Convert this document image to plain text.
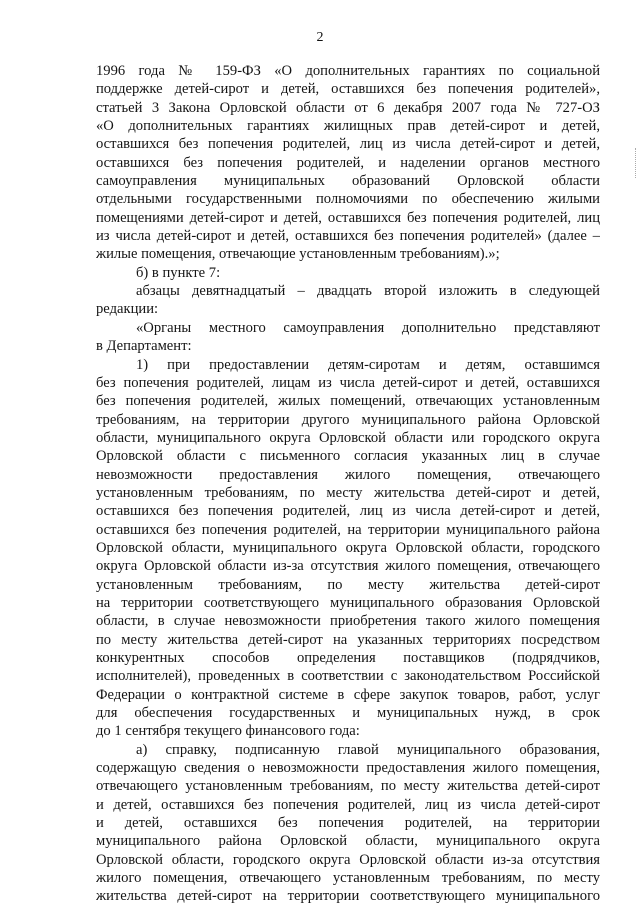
2
1996 года № 159-ФЗ «О дополнительных гарантиях по социальной
поддержке детей-сирот и детей, оставшихся без попечения родителей»,
статьей 3 Закона Орловской области от 6 декабря 2007 года № 727-ОЗ
«О дополнительных гарантиях жилищных прав детей-сирот и детей,
оставшихся без попечения родителей, лиц из числа детей-сирот и детей,
оставшихся без попечения родителей, и наделении органов местного
самоуправления муниципальных образований Орловской области
отдельными государственными полномочиями по обеспечению жилыми
помещениями детей-сирот и детей, оставшихся без попечения родителей, лиц
из числа детей-сирот и детей, оставшихся без попечения родителей» (далее –
жилые помещения, отвечающие установленным требованиям).»;
б) в пункте 7:
абзацы девятнадцатый – двадцать второй изложить в следующей
редакции:
«Органы местного самоуправления дополнительно представляют
в Департамент:
1) при предоставлении детям-сиротам и детям, оставшимся
без попечения родителей, лицам из числа детей-сирот и детей, оставшихся
без попечения родителей, жилых помещений, отвечающих установленным
требованиям, на территории другого муниципального района Орловской
области, муниципального округа Орловской области или городского округа
Орловской области с письменного согласия указанных лиц в случае
невозможности предоставления жилого помещения, отвечающего
установленным требованиям, по месту жительства детей-сирот и детей,
оставшихся без попечения родителей, лиц из числа детей-сирот и детей,
оставшихся без попечения родителей, на территории муниципального района
Орловской области, муниципального округа Орловской области, городского
округа Орловской области из-за отсутствия жилого помещения, отвечающего
установленным требованиям, по месту жительства детей-сирот
на территории соответствующего муниципального образования Орловской
области, в случае невозможности приобретения такого жилого помещения
по месту жительства детей-сирот на указанных территориях посредством
конкурентных способов определения поставщиков (подрядчиков,
исполнителей), проведенных в соответствии с законодательством Российской
Федерации о контрактной системе в сфере закупок товаров, работ, услуг
для обеспечения государственных и муниципальных нужд, в срок
до 1 сентября текущего финансового года:
а) справку, подписанную главой муниципального образования,
содержащую сведения о невозможности предоставления жилого помещения,
отвечающего установленным требованиям, по месту жительства детей-сирот
и детей, оставшихся без попечения родителей, лиц из числа детей-сирот
и детей, оставшихся без попечения родителей, на территории
муниципального района Орловской области, муниципального округа
Орловской области, городского округа Орловской области из-за отсутствия
жилого помещения, отвечающего установленным требованиям, по месту
жительства детей-сирот на территории соответствующего муниципального
